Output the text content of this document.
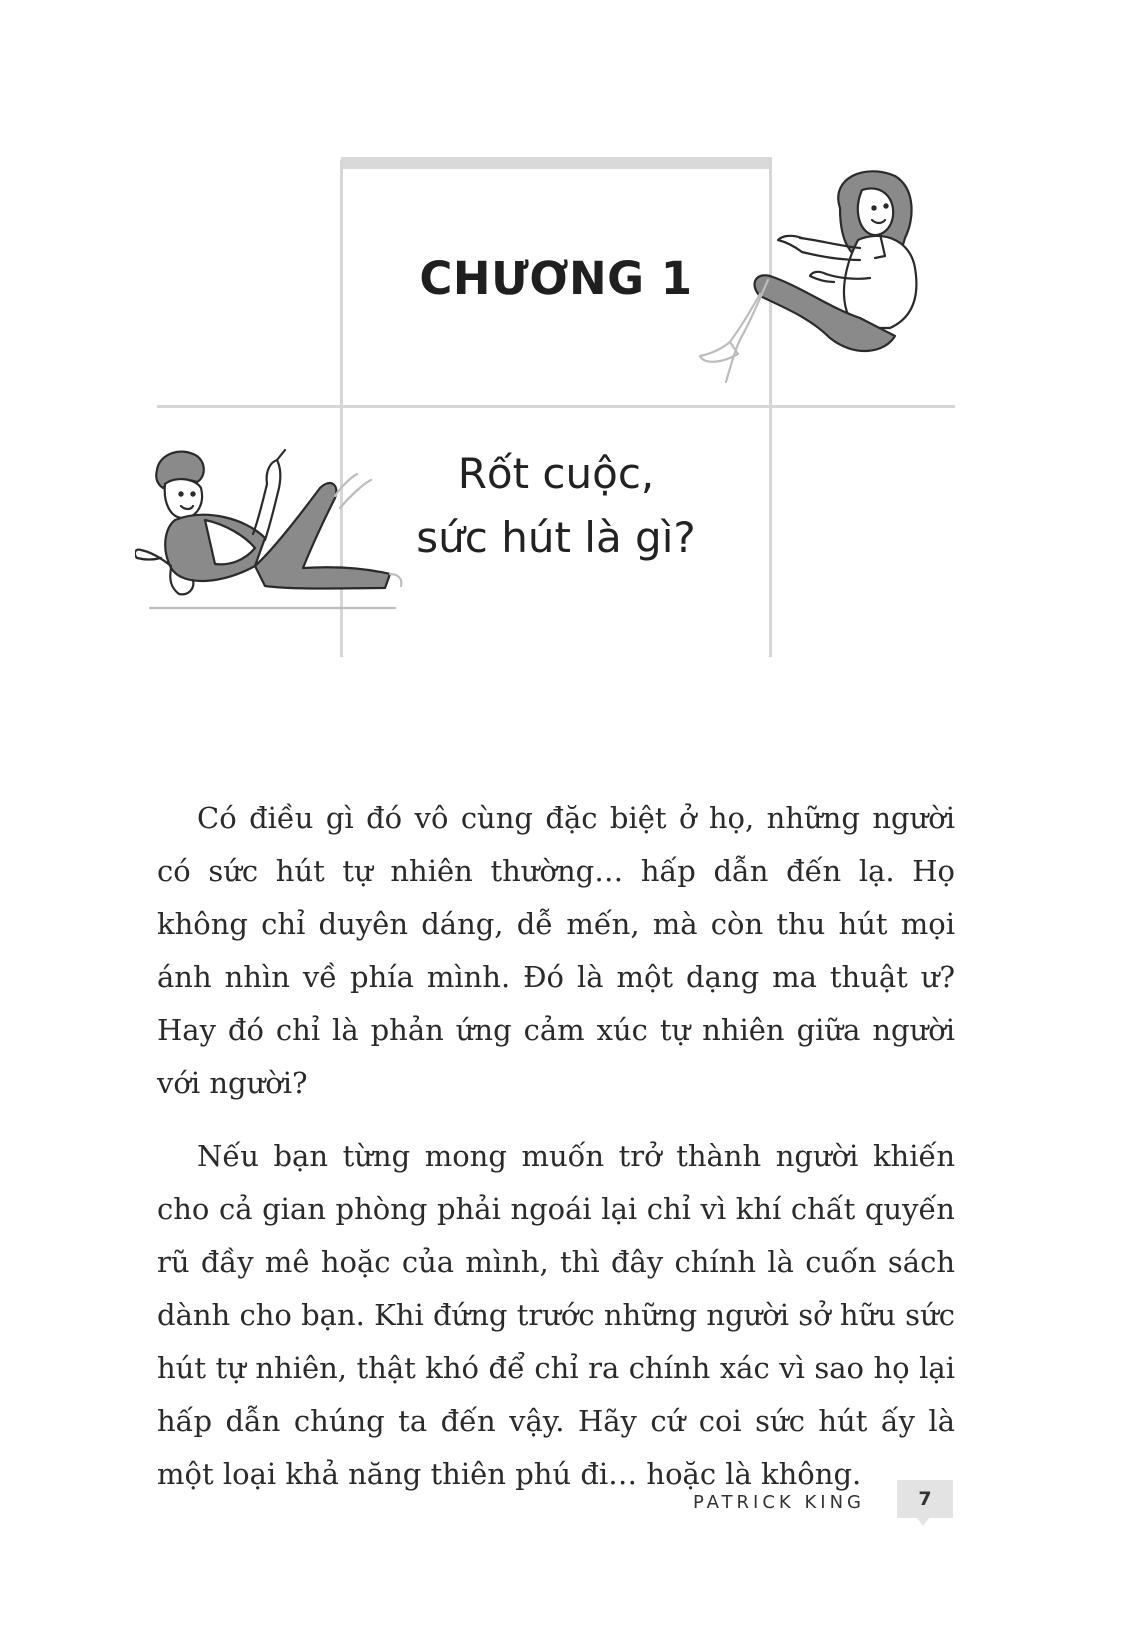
CHƯƠNG 1
Rốt cuộc,
sức hút là gì?

Có điều gì đó vô cùng đặc biệt ở họ, những người có sức hút tự nhiên thường… hấp dẫn đến lạ. Họ không chỉ duyên dáng, dễ mến, mà còn thu hút mọi ánh nhìn về phía mình. Đó là một dạng ma thuật ư? Hay đó chỉ là phản ứng cảm xúc tự nhiên giữa người với người?

Nếu bạn từng mong muốn trở thành người khiến cho cả gian phòng phải ngoái lại chỉ vì khí chất quyến rũ đầy mê hoặc của mình, thì đây chính là cuốn sách dành cho bạn. Khi đứng trước những người sở hữu sức hút tự nhiên, thật khó để chỉ ra chính xác vì sao họ lại hấp dẫn chúng ta đến vậy. Hãy cứ coi sức hút ấy là một loại khả năng thiên phú đi… hoặc là không.

PATRICK KING	7
